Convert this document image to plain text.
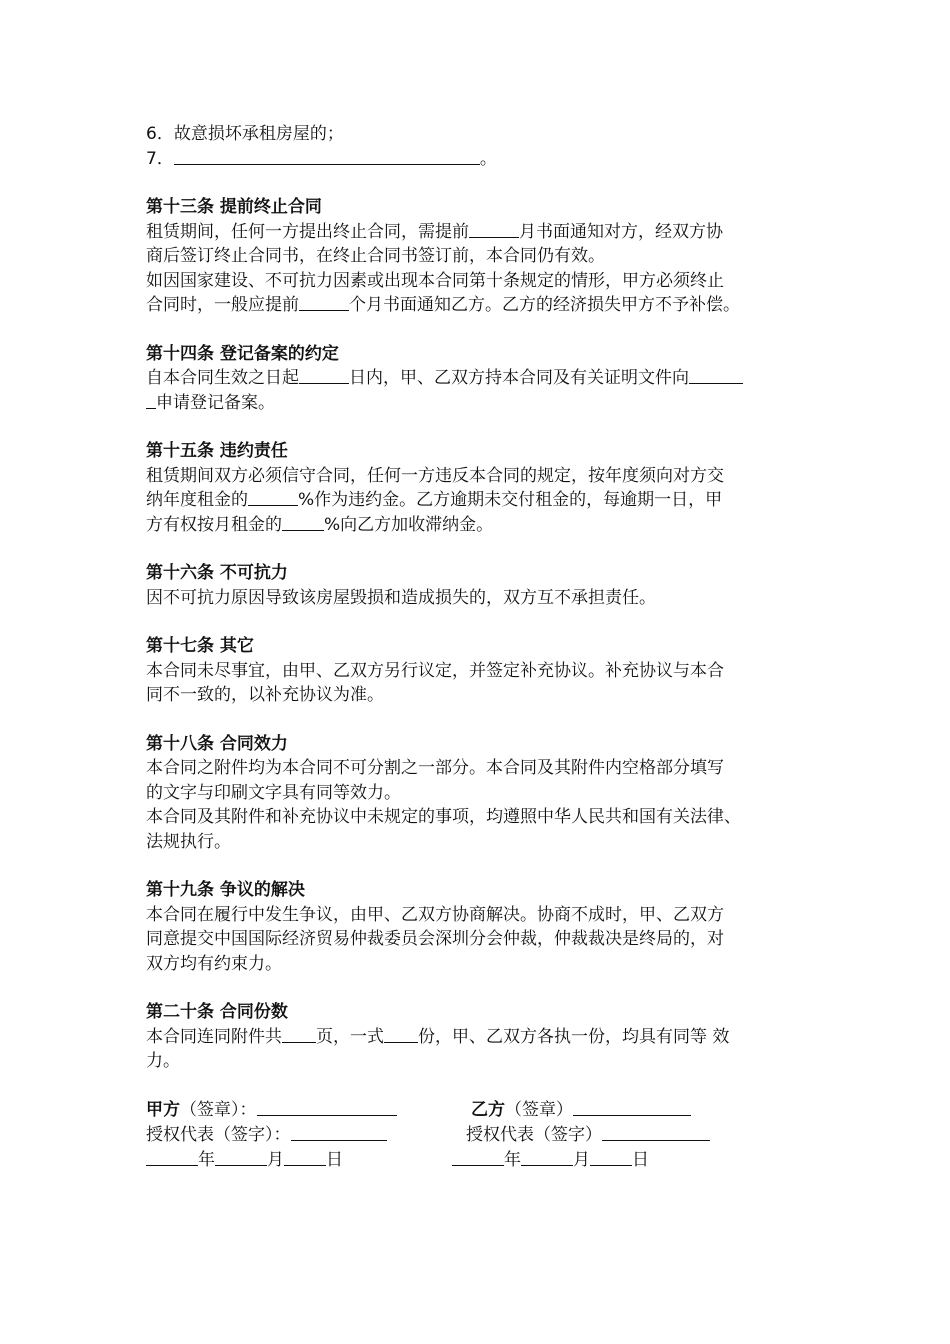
6．故意损坏承租房屋的；
7．	。
第十三条 提前终止合同
租赁期间，任何一方提出终止合同，需提前	月书面通知对方，经双方协
商后签订终止合同书，在终止合同书签订前，本合同仍有效。
如因国家建设、不可抗力因素或出现本合同第十条规定的情形，甲方必须终止
合同时，一般应提前	个月书面通知乙方。乙方的经济损失甲方不予补偿。
第十四条 登记备案的约定
自本合同生效之日起	日内，甲、乙双方持本合同及有关证明文件向
申请登记备案。
第十五条 违约责任
租赁期间双方必须信守合同，任何一方违反本合同的规定，按年度须向对方交
纳年度租金的	%作为违约金。乙方逾期未交付租金的，每逾期一日，甲
方有权按月租金的 %向乙方加收滞纳金。
第十六条 不可抗力
因不可抗力原因导致该房屋毁损和造成损失的，双方互不承担责任。
第十七条 其它
本合同未尽事宜，由甲、乙双方另行议定，并签定补充协议。补充协议与本合
同不一致的，以补充协议为准。
第十八条 合同效力
本合同之附件均为本合同不可分割之一部分。本合同及其附件内空格部分填写
的文字与印刷文字具有同等效力。
本合同及其附件和补充协议中未规定的事项，均遵照中华人民共和国有关法律、
法规执行。
第十九条 争议的解决
本合同在履行中发生争议，由甲、乙双方协商解决。协商不成时，甲、乙双方
同意提交中国国际经济贸易仲裁委员会深圳分会仲裁，仲裁裁决是终局的，对
双方均有约束力。
第二十条 合同份数
本合同连同附件共 页，一式 份，甲、乙双方各执一份，均具有同等 效
力。
甲方（签章）：	乙方（签章）
授权代表（签字）：	授权代表（签字）
年	月 日	年	月 日
